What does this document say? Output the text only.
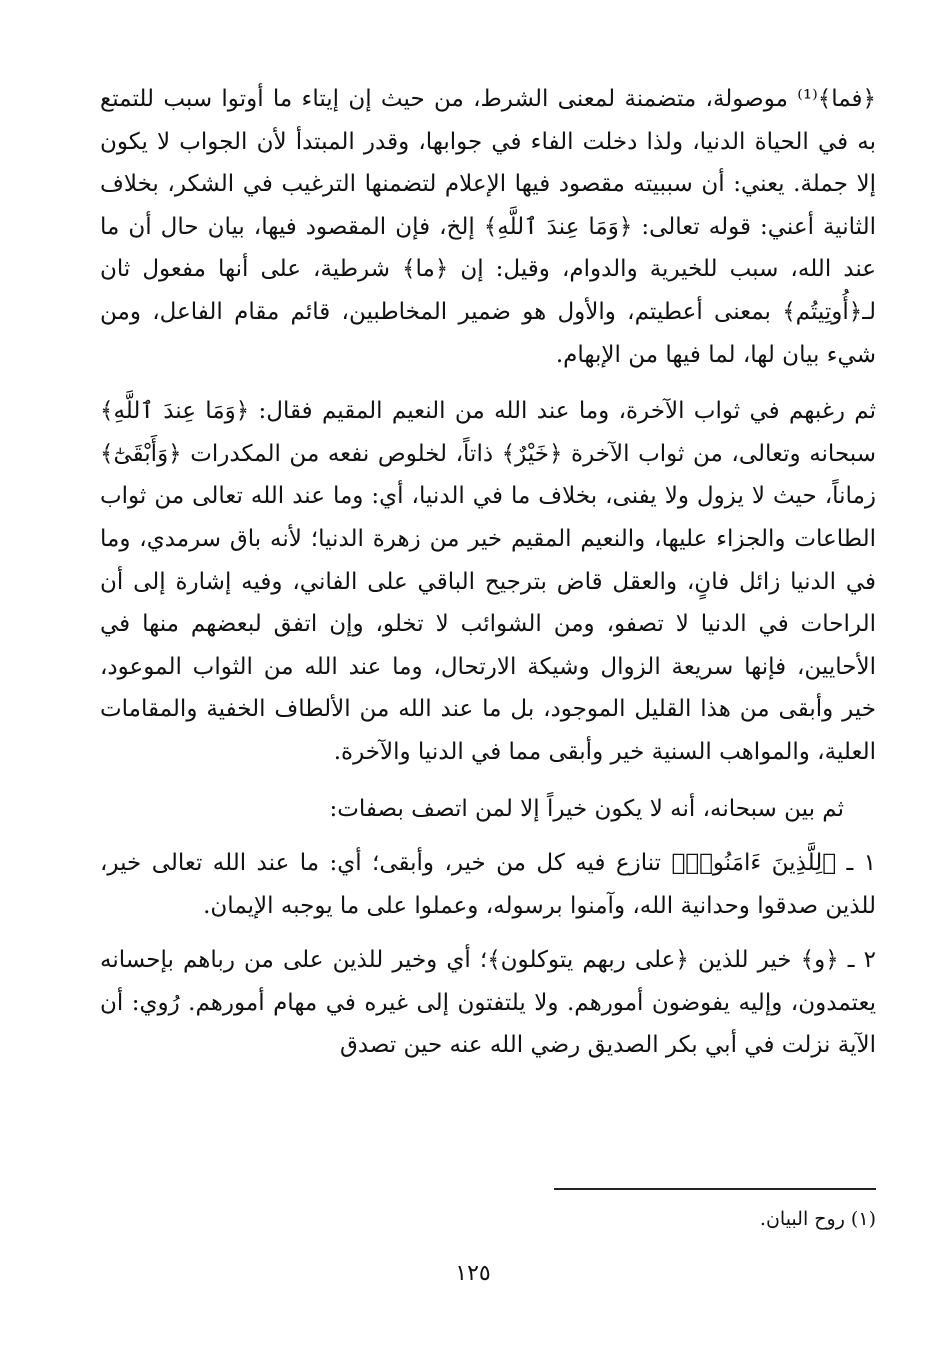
﴿فما﴾⁽¹⁾ موصولة، متضمنة لمعنى الشرط، من حيث إن إيتاء ما أوتوا سبب للتمتع به في الحياة الدنيا، ولذا دخلت الفاء في جوابها، وقدر المبتدأ لأن الجواب لا يكون إلا جملة. يعني: أن سببيته مقصود فيها الإعلام لتضمنها الترغيب في الشكر، بخلاف الثانية أعني: قوله تعالى: ﴿وَمَا عِندَ ٱللَّهِ﴾ إلخ، فإن المقصود فيها، بيان حال أن ما عند الله، سبب للخيرية والدوام، وقيل: إن ﴿ما﴾ شرطية، على أنها مفعول ثان لـ﴿أُوتِيتُم﴾ بمعنى أعطيتم، والأول هو ضمير المخاطبين، قائم مقام الفاعل، ومن شيء بيان لها، لما فيها من الإبهام.

ثم رغبهم في ثواب الآخرة، وما عند الله من النعيم المقيم فقال: ﴿وَمَا عِندَ ٱللَّهِ﴾ سبحانه وتعالى، من ثواب الآخرة ﴿خَيْرٌ﴾ ذاتاً، لخلوص نفعه من المكدرات ﴿وَأَبْقَىٰٓ﴾ زماناً، حيث لا يزول ولا يفنى، بخلاف ما في الدنيا، أي: وما عند الله تعالى من ثواب الطاعات والجزاء عليها، والنعيم المقيم خير من زهرة الدنيا؛ لأنه باق سرمدي، وما في الدنيا زائل فانٍ، والعقل قاض بترجيح الباقي على الفاني، وفيه إشارة إلى أن الراحات في الدنيا لا تصفو، ومن الشوائب لا تخلو، وإن اتفق لبعضهم منها في الأحايين، فإنها سريعة الزوال وشيكة الارتحال، وما عند الله من الثواب الموعود، خير وأبقى من هذا القليل الموجود، بل ما عند الله من الألطاف الخفية والمقامات العلية، والمواهب السنية خير وأبقى مما في الدنيا والآخرة.

ثم بين سبحانه، أنه لا يكون خيراً إلا لمن اتصف بصفات:

١ ـ ﴿لِلَّذِينَ ءَامَنُوا۟﴾ تنازع فيه كل من خير، وأبقى؛ أي: ما عند الله تعالى خير، للذين صدقوا وحدانية الله، وآمنوا برسوله، وعملوا على ما يوجبه الإيمان.

٢ ـ ﴿و﴾ خير للذين ﴿على ربهم يتوكلون﴾؛ أي وخير للذين على من رباهم بإحسانه يعتمدون، وإليه يفوضون أمورهم. ولا يلتفتون إلى غيره في مهام أمورهم. رُوي: أن الآية نزلت في أبي بكر الصديق رضي الله عنه حين تصدق

(١) روح البيان.
١٢٥
